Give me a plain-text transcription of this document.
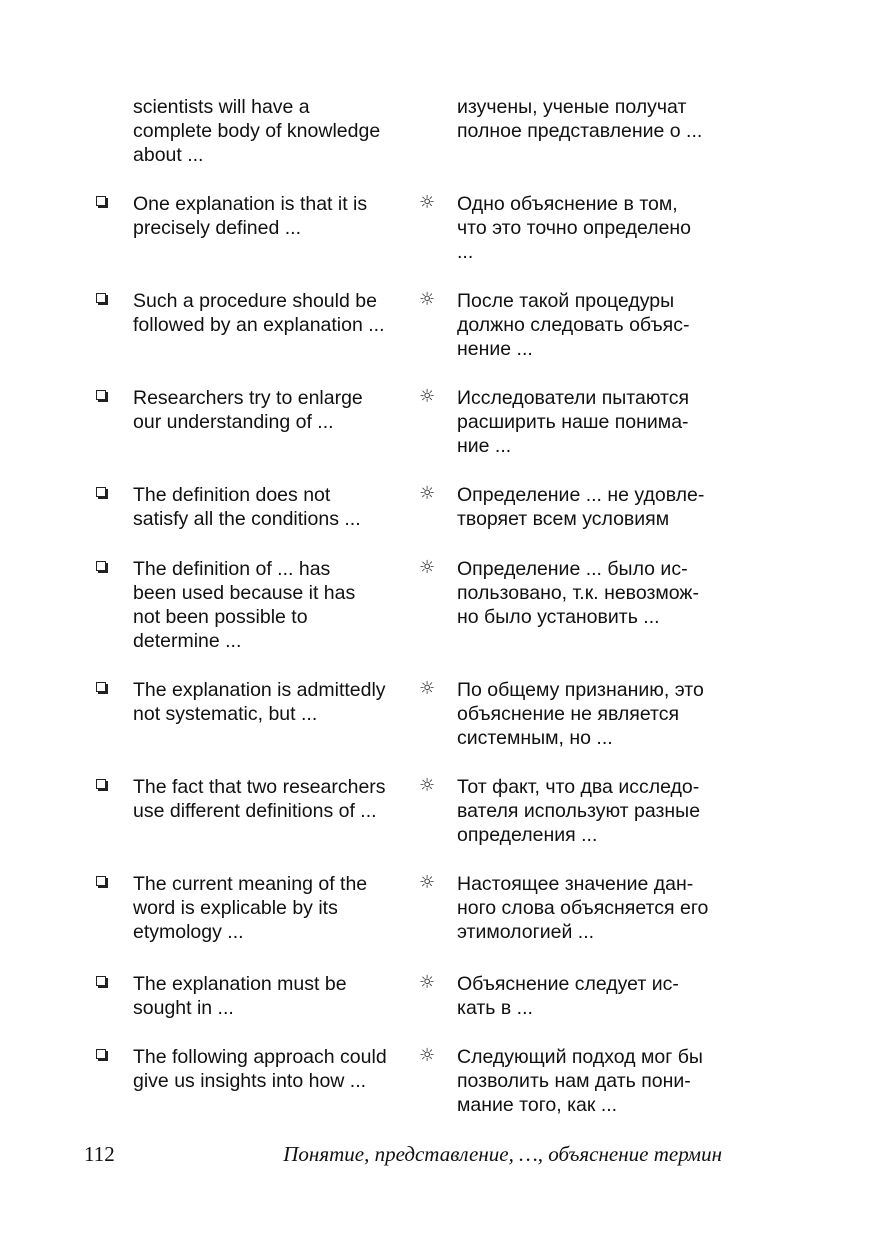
scientists will have a
complete body of knowledge
about ...
изучены, ученые получат
полное представление о ...
One explanation is that it is
precisely defined ...
☼ Одно объяснение в том,
что это точно определено
...
Such a procedure should be
followed by an explanation ...
☼ После такой процедуры
должно следовать объяс-
нение ...
Researchers try to enlarge
our understanding of ...
☼ Исследователи пытаются
расширить наше понима-
ние ...
The definition does not
satisfy all the conditions ...
☼ Определение ... не удовле-
творяет всем условиям
The definition of ... has
been used because it has
not been possible to
determine ...
☼ Определение ... было ис-
пользовано, т.к. невозмож-
но было установить ...
The explanation is admittedly
not systematic, but ...
☼ По общему признанию, это
объяснение не является
системным, но ...
The fact that two researchers
use different definitions of ...
☼ Тот факт, что два исследо-
вателя используют разные
определения ...
The current meaning of the
word is explicable by its
etymology ...
☼ Настоящее значение дан-
ного слова объясняется его
этимологией ...
The explanation must be
sought in ...
☼ Объяснение следует ис-
кать в ...
The following approach could
give us insights into how ...
☼ Следующий подход мог бы
позволить нам дать пони-
мание того, как ...
112	Понятие, представление, …, объяснение термин
